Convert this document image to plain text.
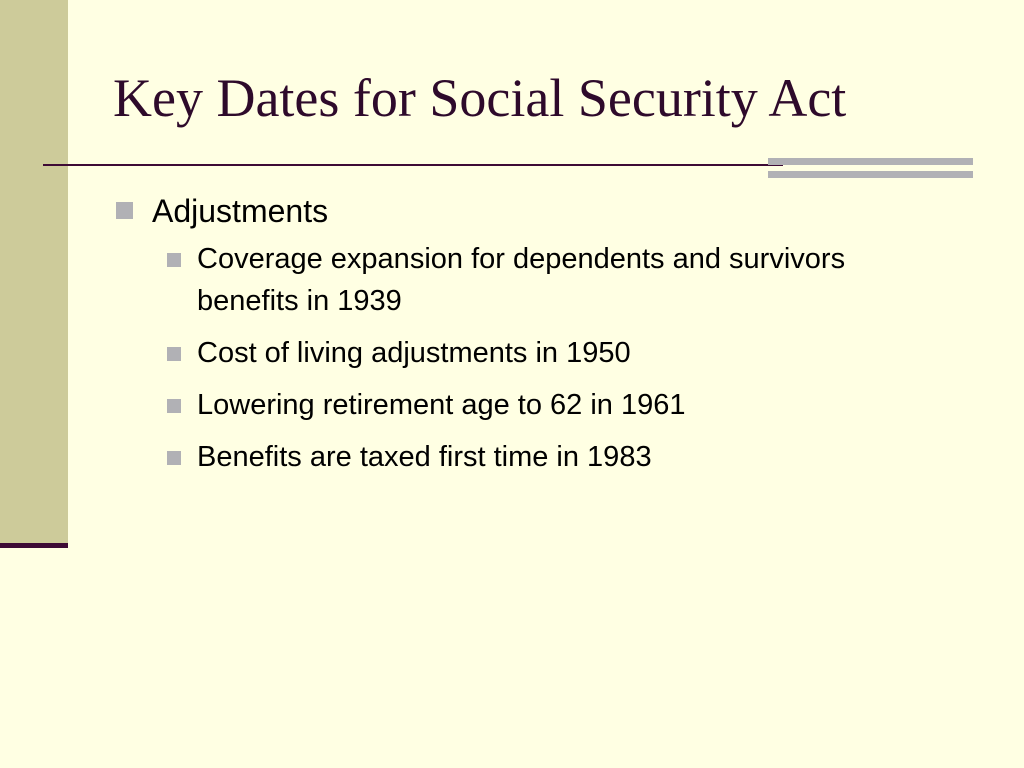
Key Dates for Social Security Act
Adjustments
Coverage expansion for dependents and survivors benefits in 1939
Cost of living adjustments in 1950
Lowering retirement age to 62 in 1961
Benefits are taxed first time in 1983
